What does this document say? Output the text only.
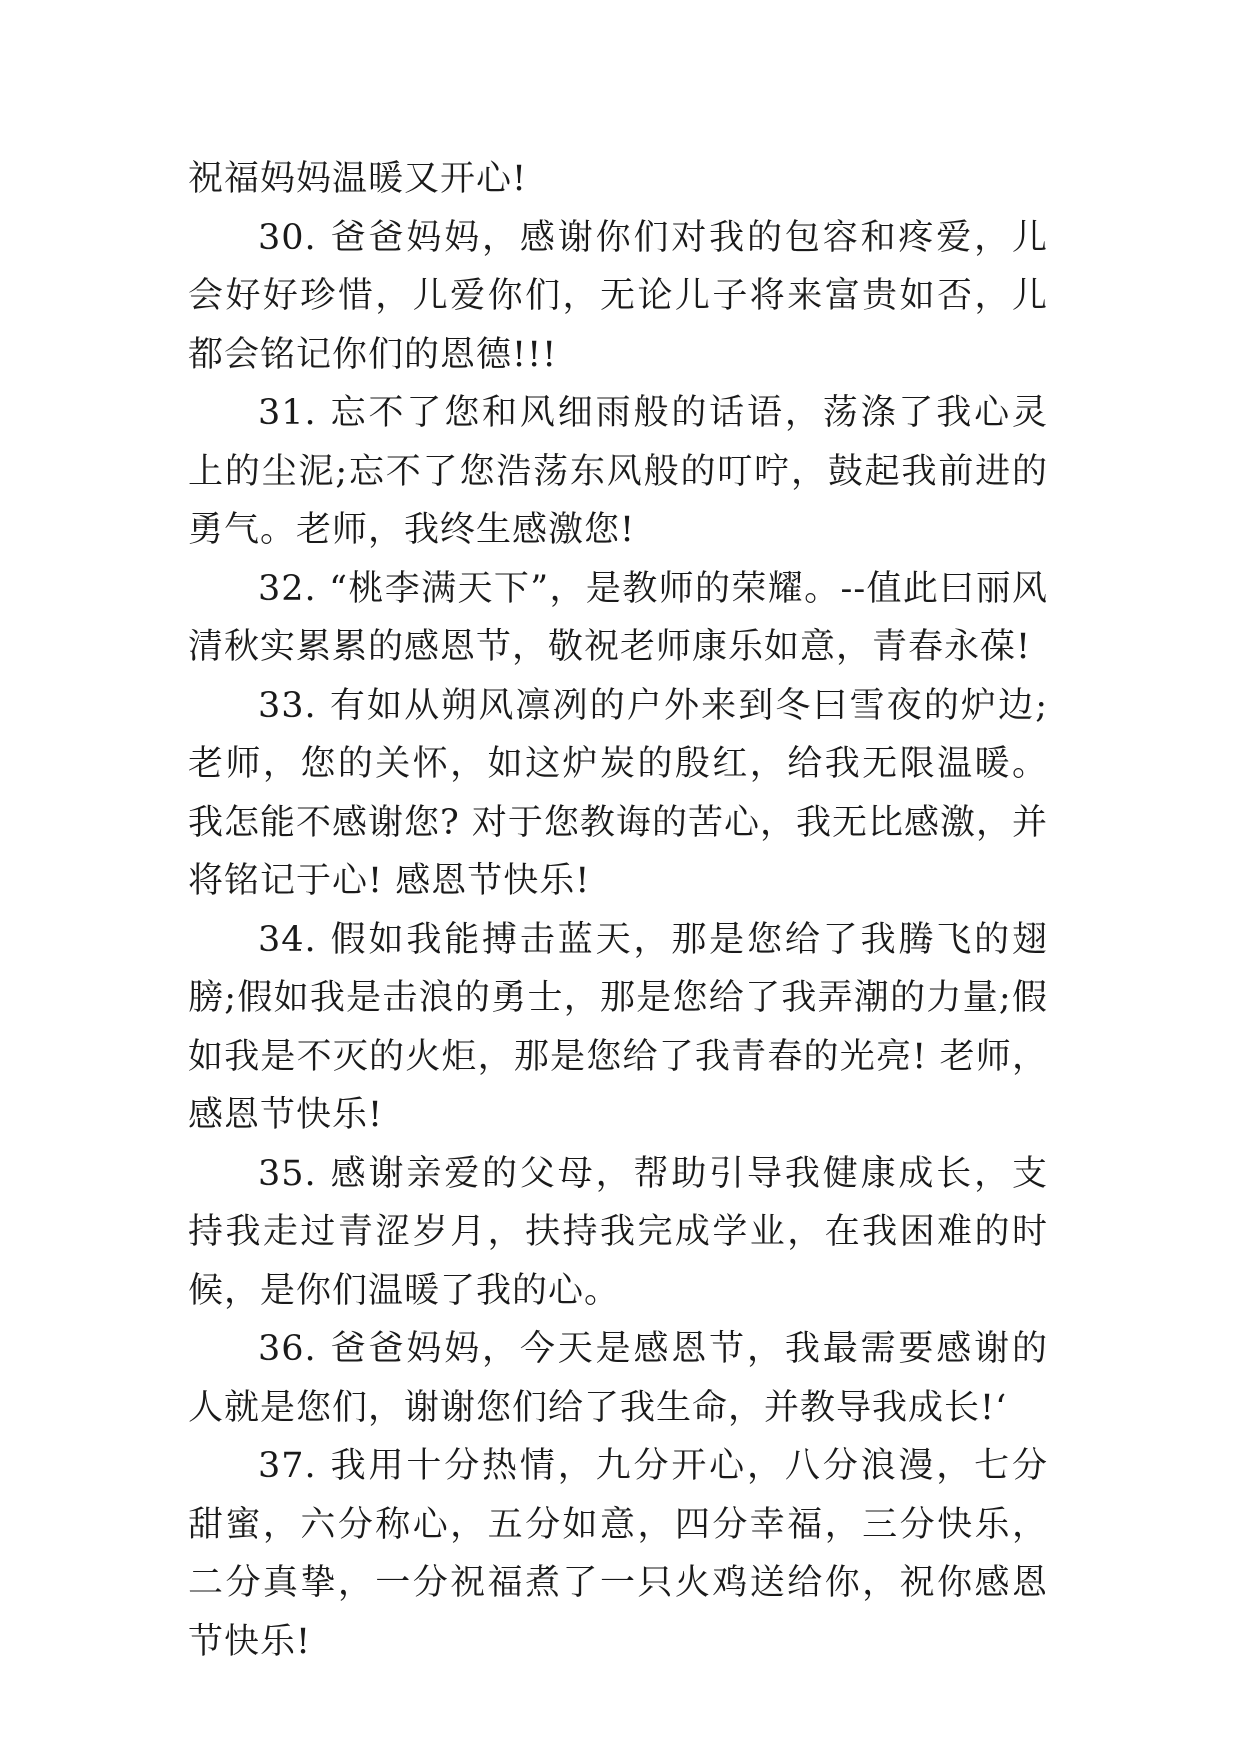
祝福妈妈温暖又开心!

30. 爸爸妈妈，感谢你们对我的包容和疼爱，儿会好好珍惜，儿爱你们，无论儿子将来富贵如否，儿都会铭记你们的恩德!!!

31. 忘不了您和风细雨般的话语，荡涤了我心灵上的尘泥;忘不了您浩荡东风般的叮咛，鼓起我前进的勇气。老师，我终生感激您!

32. “桃李满天下”，是教师的荣耀。--值此曰丽风清秋实累累的感恩节，敬祝老师康乐如意，青春永葆!

33. 有如从朔风凛冽的户外来到冬曰雪夜的炉边;老师，您的关怀，如这炉炭的殷红，给我无限温暖。我怎能不感谢您? 对于您教诲的苦心，我无比感激，并将铭记于心! 感恩节快乐!

34. 假如我能搏击蓝天，那是您给了我腾飞的翅膀;假如我是击浪的勇士，那是您给了我弄潮的力量;假如我是不灭的火炬，那是您给了我青春的光亮! 老师，感恩节快乐!

35. 感谢亲爱的父母，帮助引导我健康成长，支持我走过青涩岁月，扶持我完成学业，在我困难的时候，是你们温暖了我的心。

36. 爸爸妈妈，今天是感恩节，我最需要感谢的人就是您们，谢谢您们给了我生命，并教导我成长!‘

37. 我用十分热情，九分开心，八分浪漫，七分甜蜜，六分称心，五分如意，四分幸福，三分快乐，二分真挚，一分祝福煮了一只火鸡送给你，祝你感恩节快乐!
